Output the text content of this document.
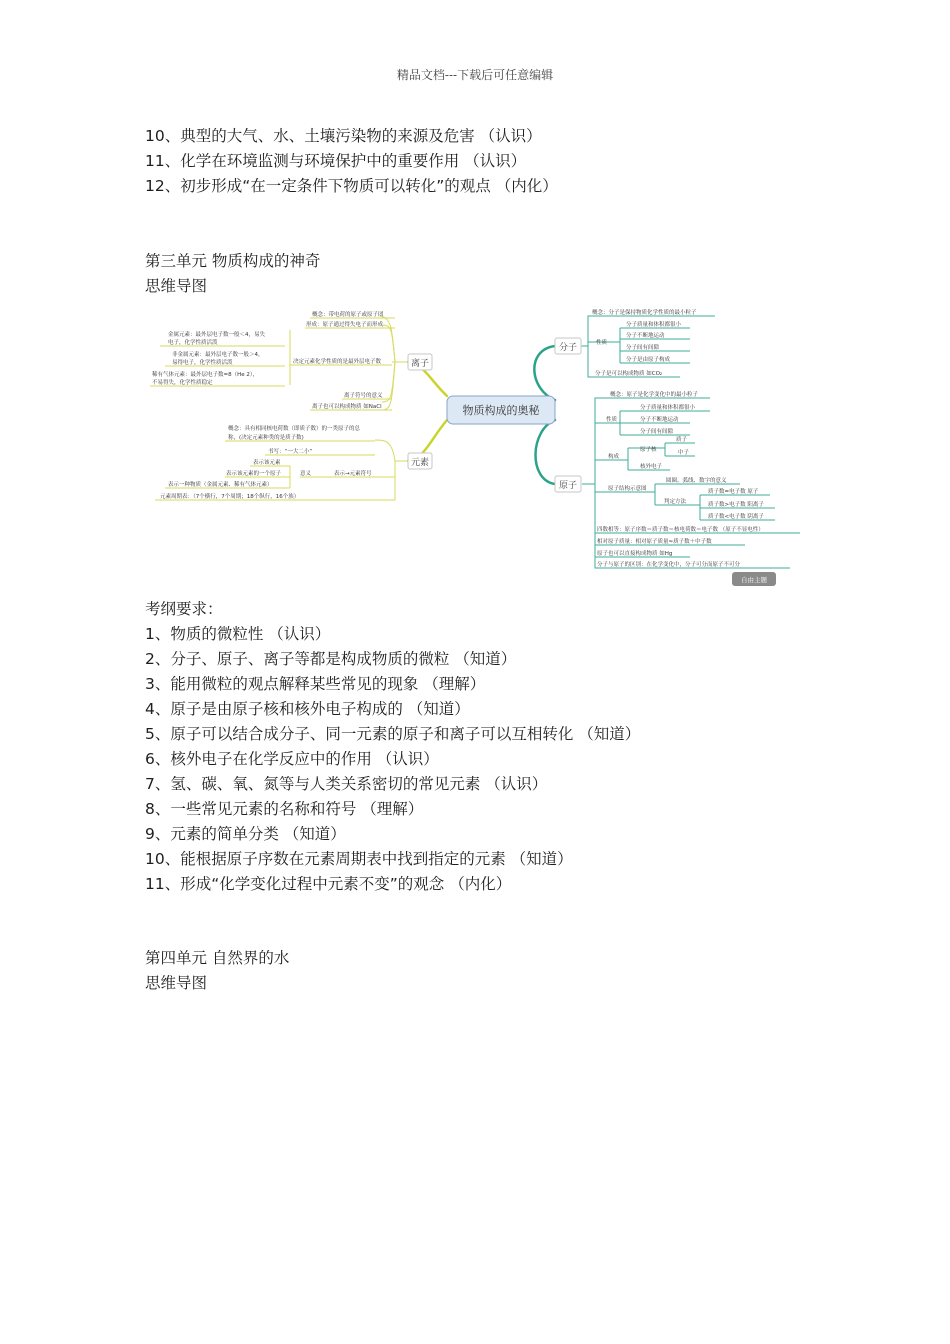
精品文档---下载后可任意编辑
10、典型的大气、水、土壤污染物的来源及危害 （认识）
11、化学在环境监测与环境保护中的重要作用 （认识）
12、初步形成“在一定条件下物质可以转化”的观点 （内化）
第三单元 物质构成的神奇
思维导图
物质构成的奥秘
离子
元素
分子
原子
概念：带电荷的原子或原子团
形成：原子通过得失电子而形成
金属元素：最外层电子数一般＜4，易失
电子，化学性质活泼
非金属元素：最外层电子数一般＞4，
易得电子，化学性质活泼
稀有气体元素：最外层电子数=8（He 2），
不易得失，化学性质稳定
决定元素化学性质的是最外层电子数
离子符号的意义
离子也可以构成物质 如NaCl
概念：具有相同核电荷数（即质子数）的一类原子的总
称，(决定元素种类的是质子数)
书写：“一大二小”
表示该元素
表示该元素的一个原子	意义	表示→元素符号
表示一种物质（金属元素、稀有气体元素）
元素周期表：（7个横行，7个周期；18个纵行，16个族）
概念：分子是保持物质化学性质的最小粒子
性质
分子质量和体积都很小
分子不断地运动
分子间有间隙
分子是由原子构成
分子是可以构成物质 如CO₂
概念：原子是化学变化中的最小粒子
性质
分子质量和体积都很小
分子不断地运动
分子间有间隙
构成
原子核
质子
中子
核外电子
原子结构示意图
圆圈、弧线、数字的意义
判定方法
质子数=电子数 原子
质子数>电子数 阳离子
质子数<电子数 阴离子
四数相等：原子序数＝质子数＝核电荷数＝电子数 （原子不显电性）
相对原子质量：相对原子质量≈质子数＋中子数
原子也可以直接构成物质 如Hg
分子与原子的区别：在化学变化中，分子可分而原子不可分
自由主题
考纲要求：
1、物质的微粒性 （认识）
2、分子、原子、离子等都是构成物质的微粒 （知道）
3、能用微粒的观点解释某些常见的现象 （理解）
4、原子是由原子核和核外电子构成的 （知道）
5、原子可以结合成分子、同一元素的原子和离子可以互相转化 （知道）
6、核外电子在化学反应中的作用 （认识）
7、氢、碳、氧、氮等与人类关系密切的常见元素 （认识）
8、一些常见元素的名称和符号 （理解）
9、元素的简单分类 （知道）
10、能根据原子序数在元素周期表中找到指定的元素 （知道）
11、形成“化学变化过程中元素不变”的观念 （内化）
第四单元 自然界的水
思维导图
